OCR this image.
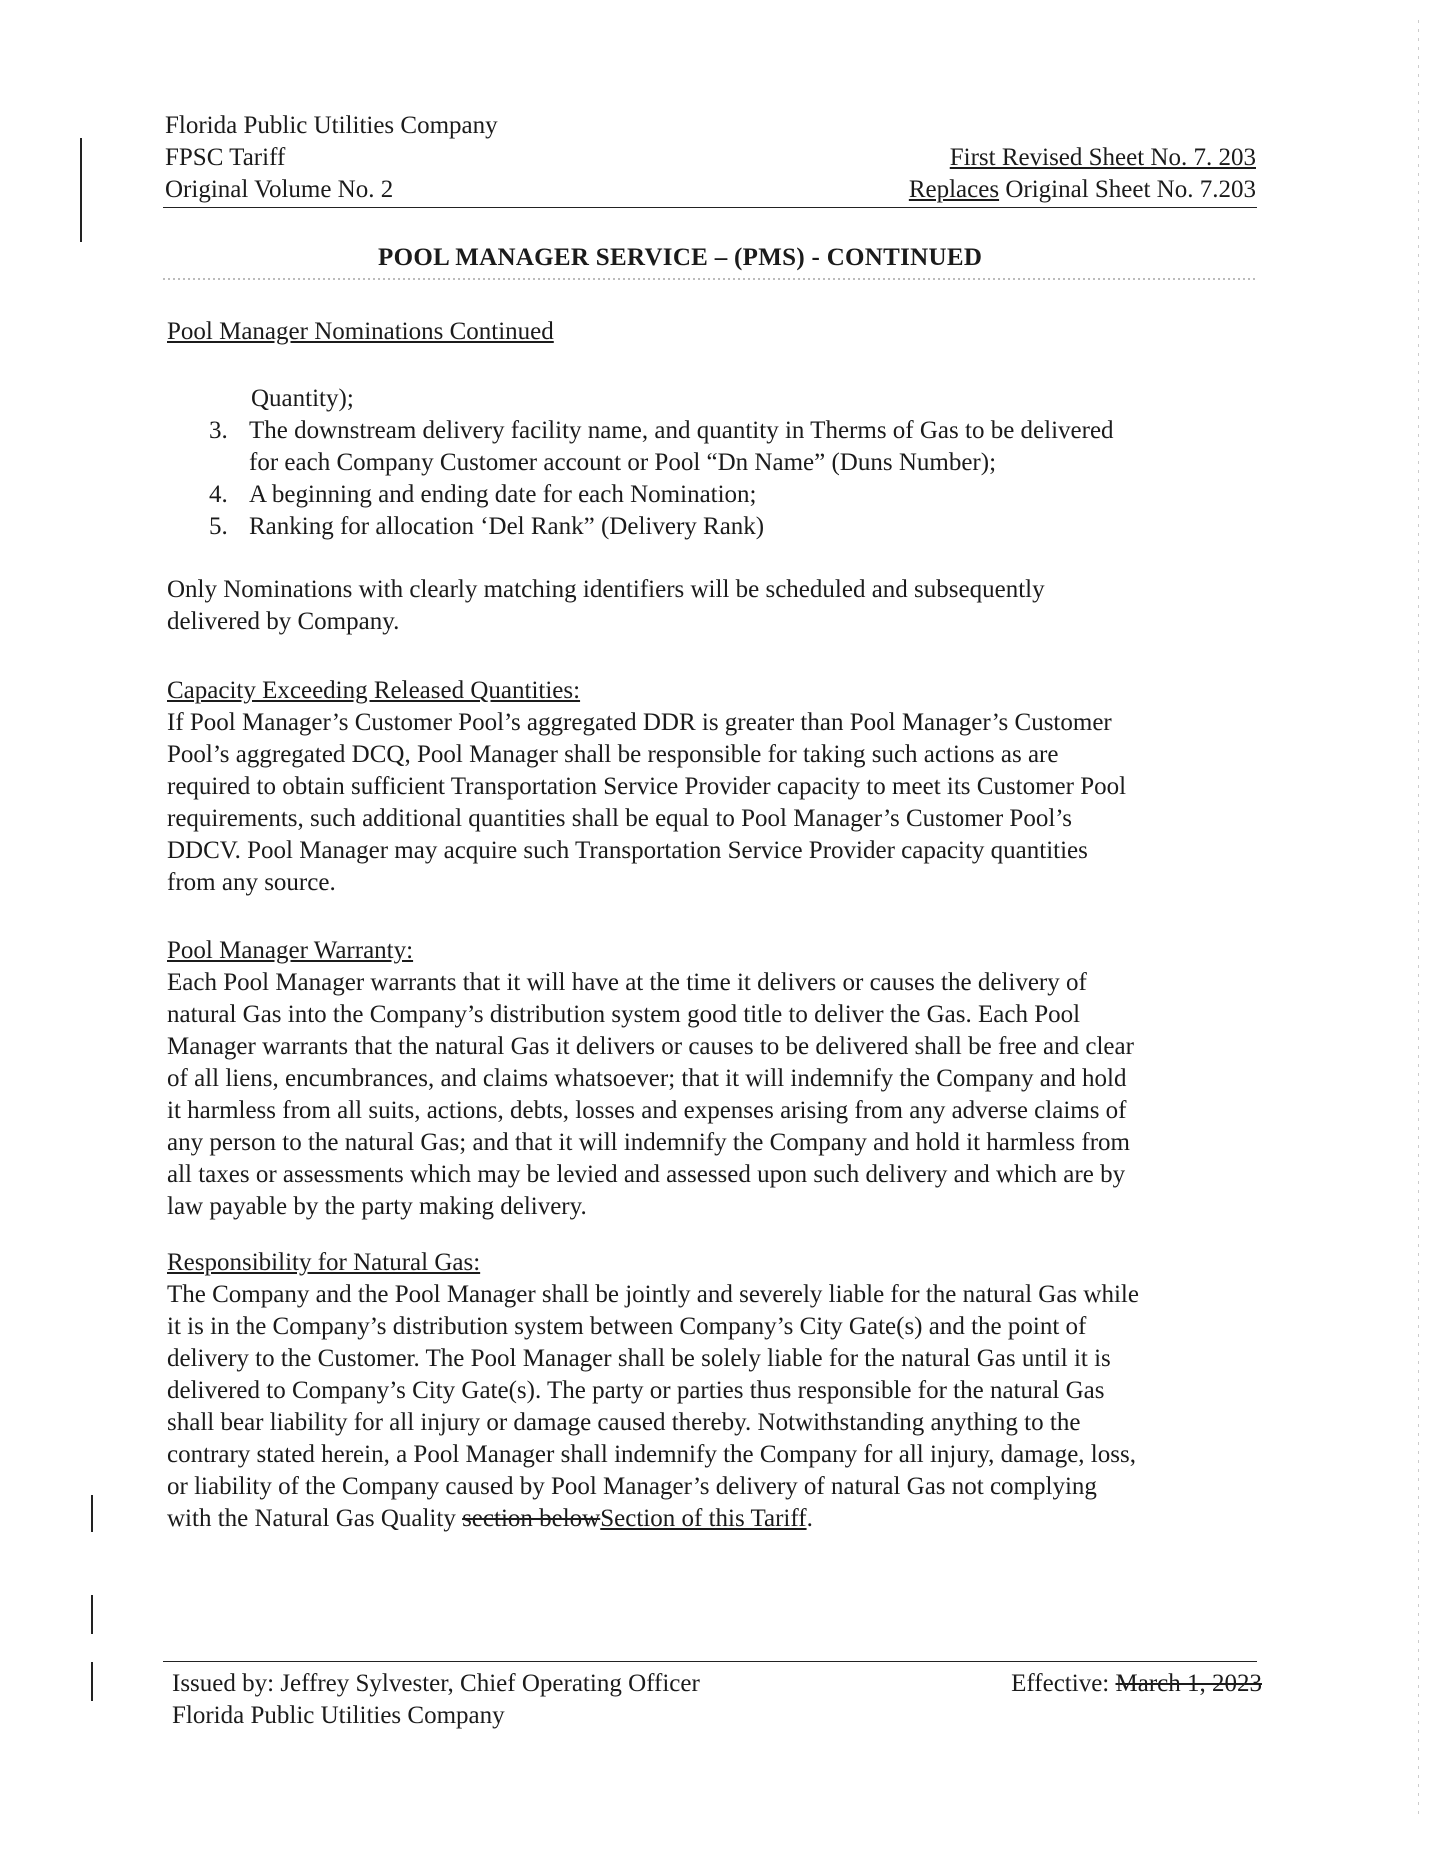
Florida Public Utilities Company
FPSC Tariff
Original Volume No. 2
First Revised Sheet No. 7. 203
Replaces Original Sheet No. 7.203
POOL MANAGER SERVICE – (PMS) - CONTINUED
Pool Manager Nominations Continued
Quantity);
3. The downstream delivery facility name, and quantity in Therms of Gas to be delivered
for each Company Customer account or Pool “Dn Name” (Duns Number);
4. A beginning and ending date for each Nomination;
5. Ranking for allocation ‘Del Rank” (Delivery Rank)
Only Nominations with clearly matching identifiers will be scheduled and subsequently
delivered by Company.
Capacity Exceeding Released Quantities:
If Pool Manager’s Customer Pool’s aggregated DDR is greater than Pool Manager’s Customer
Pool’s aggregated DCQ, Pool Manager shall be responsible for taking such actions as are
required to obtain sufficient Transportation Service Provider capacity to meet its Customer Pool
requirements, such additional quantities shall be equal to Pool Manager’s Customer Pool’s
DDCV. Pool Manager may acquire such Transportation Service Provider capacity quantities
from any source.
Pool Manager Warranty:
Each Pool Manager warrants that it will have at the time it delivers or causes the delivery of
natural Gas into the Company’s distribution system good title to deliver the Gas. Each Pool
Manager warrants that the natural Gas it delivers or causes to be delivered shall be free and clear
of all liens, encumbrances, and claims whatsoever; that it will indemnify the Company and hold
it harmless from all suits, actions, debts, losses and expenses arising from any adverse claims of
any person to the natural Gas; and that it will indemnify the Company and hold it harmless from
all taxes or assessments which may be levied and assessed upon such delivery and which are by
law payable by the party making delivery.
Responsibility for Natural Gas:
The Company and the Pool Manager shall be jointly and severely liable for the natural Gas while
it is in the Company’s distribution system between Company’s City Gate(s) and the point of
delivery to the Customer. The Pool Manager shall be solely liable for the natural Gas until it is
delivered to Company’s City Gate(s). The party or parties thus responsible for the natural Gas
shall bear liability for all injury or damage caused thereby. Notwithstanding anything to the
contrary stated herein, a Pool Manager shall indemnify the Company for all injury, damage, loss,
or liability of the Company caused by Pool Manager’s delivery of natural Gas not complying
with the Natural Gas Quality section belowSection of this Tariff.
Issued by: Jeffrey Sylvester, Chief Operating Officer
Florida Public Utilities Company
Effective: March 1, 2023
